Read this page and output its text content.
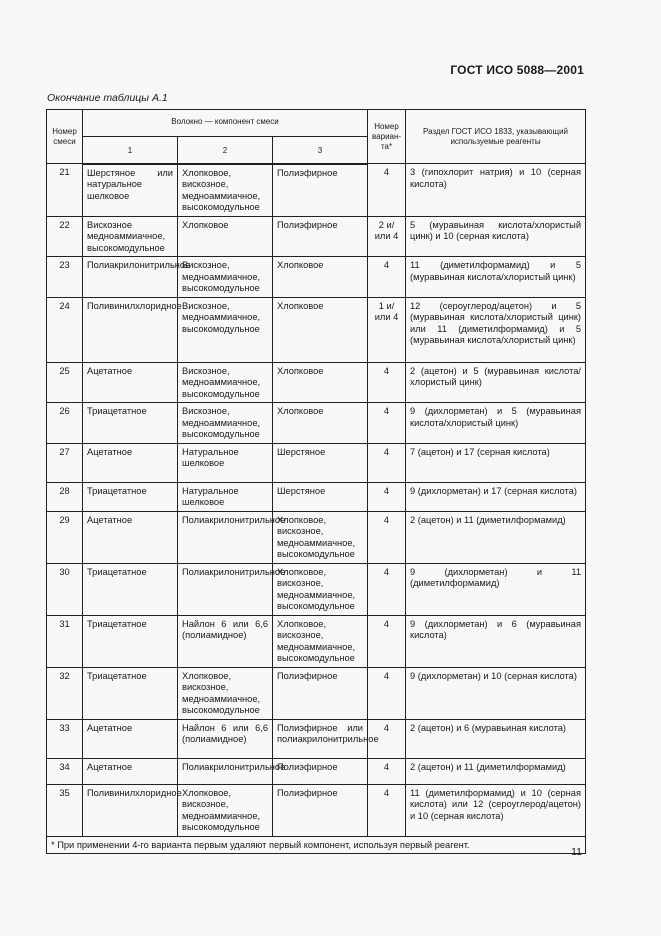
ГОСТ ИСО 5088—2001
Окончание таблицы А.1
Номер смеси	Волокно — компонент смеси			Номер вариан-та*	Раздел ГОСТ ИСО 1833, указывающий используемые реагенты
	1	2	3		
21	Шерстяное или натуральное шелковое	Хлопковое, вискозное, медноаммиачное, высокомодульное	Полиэфирное	4	3 (гипохлорит натрия) и 10 (серная кислота)
22	Вискозное медноаммиачное, высокомодульное	Хлопковое	Полиэфирное	2 и/или 4	5 (муравьиная кислота/хлористый цинк) и 10 (серная кислота)
23	Полиакрилонитрильное	Вискозное, медноаммиачное, высокомодульное	Хлопковое	4	11 (диметилформамид) и 5 (муравьиная кислота/хлористый цинк)
24	Поливинилхлоридное	Вискозное, медноаммиачное, высокомодульное	Хлопковое	1 и/или 4	12 (сероуглерод/ацетон) и 5 (муравьиная кислота/хлористый цинк) или 11 (диметилформамид) и 5 (муравьиная кислота/хлористый цинк)
25	Ацетатное	Вискозное, медноаммиачное, высокомодульное	Хлопковое	4	2 (ацетон) и 5 (муравьиная кислота/хлористый цинк)
26	Триацетатное	Вискозное, медноаммиачное, высокомодульное	Хлопковое	4	9 (дихлорметан) и 5 (муравьиная кислота/хлористый цинк)
27	Ацетатное	Натуральное шелковое	Шерстяное	4	7 (ацетон) и 17 (серная кислота)
28	Триацетатное	Натуральное шелковое	Шерстяное	4	9 (дихлорметан) и 17 (серная кислота)
29	Ацетатное	Полиакрилонитрильное	Хлопковое, вискозное, медноаммиачное, высокомодульное	4	2 (ацетон) и 11 (диметилформамид)
30	Триацетатное	Полиакрилонитрильное	Хлопковое, вискозное, медноаммиачное, высокомодульное	4	9 (дихлорметан) и 11 (диметилформамид)
31	Триацетатное	Найлон 6 или 6,6 (полиамидное)	Хлопковое, вискозное, медноаммиачное, высокомодульное	4	9 (дихлорметан) и 6 (муравьиная кислота)
32	Триацетатное	Хлопковое, вискозное, медноаммиачное, высокомодульное	Полиэфирное	4	9 (дихлорметан) и 10 (серная кислота)
33	Ацетатное	Найлон 6 или 6,6 (полиамидное)	Полиэфирное или полиакрилонитрильное	4	2 (ацетон) и 6 (муравьиная кислота)
34	Ацетатное	Полиакрилонитрильное	Полиэфирное	4	2 (ацетон) и 11 (диметилформамид)
35	Поливинилхлоридное	Хлопковое, вискозное, медноаммиачное, высокомодульное	Полиэфирное	4	11 (диметилформамид) и 10 (серная кислота) или 12 (сероуглерод/ацетон) и 10 (серная кислота)
* При применении 4-го варианта первым удаляют первый компонент, используя первый реагент.					
11
